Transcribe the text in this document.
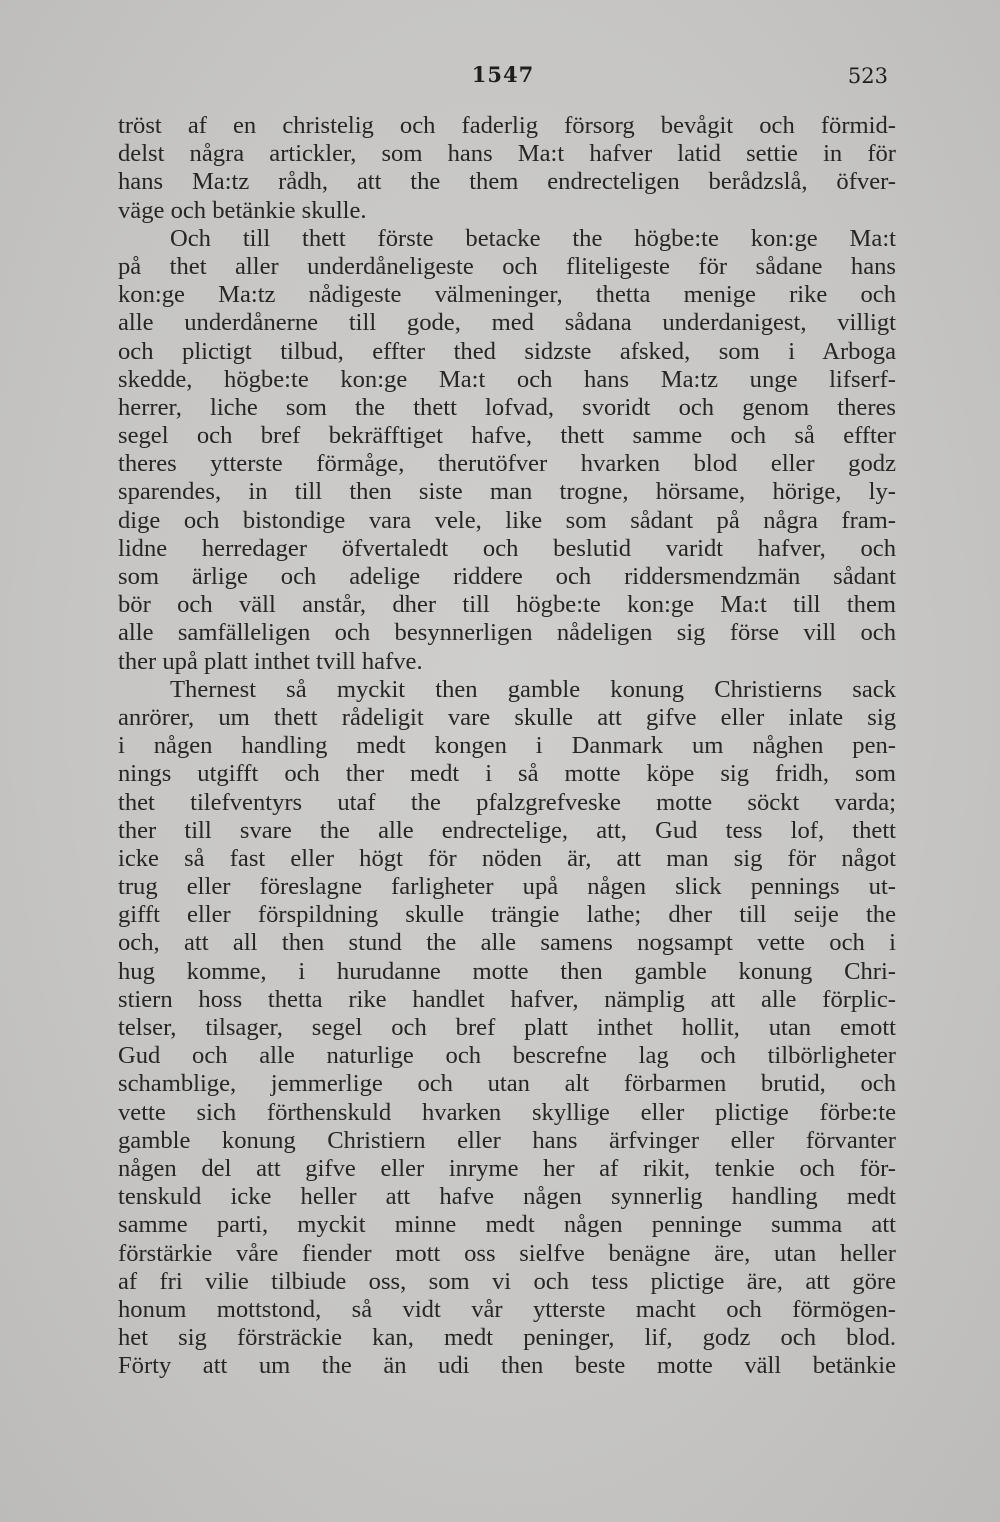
1547	523
tröst af en christelig och faderlig försorg bevågit och förmid-
delst några artickler, som hans Ma:t hafver latid settie in för
hans Ma:tz rådh, att the them endrecteligen berådzslå, öfver-
väge och betänkie skulle.
Och till thett förste betacke the högbe:te kon:ge Ma:t
på thet aller underdåneligeste och fliteligeste för sådane hans
kon:ge Ma:tz nådigeste välmeninger, thetta menige rike och
alle underdånerne till gode, med sådana underdanigest, villigt
och plictigt tilbud, effter thed sidzste afsked, som i Arboga
skedde, högbe:te kon:ge Ma:t och hans Ma:tz unge lifserf-
herrer, liche som the thett lofvad, svoridt och genom theres
segel och bref bekräfftiget hafve, thett samme och så effter
theres ytterste förmåge, therutöfver hvarken blod eller godz
sparendes, in till then siste man trogne, hörsame, hörige, ly-
dige och bistondige vara vele, like som sådant på några fram-
lidne herredager öfvertaledt och beslutid varidt hafver, och
som ärlige och adelige riddere och riddersmendzmän sådant
bör och väll anstår, dher till högbe:te kon:ge Ma:t till them
alle samfälleligen och besynnerligen nådeligen sig förse vill och
ther upå platt inthet tvill hafve.
Thernest så myckit then gamble konung Christierns sack
anrörer, um thett rådeligit vare skulle att gifve eller inlate sig
i någen handling medt kongen i Danmark um någhen pen-
nings utgifft och ther medt i så motte köpe sig fridh, som
thet tilefventyrs utaf the pfalzgrefveske motte söckt varda;
ther till svare the alle endrectelige, att, Gud tess lof, thett
icke så fast eller högt för nöden är, att man sig för något
trug eller föreslagne farligheter upå någen slick pennings ut-
gifft eller förspildning skulle trängie lathe; dher till seije the
och, att all then stund the alle samens nogsampt vette och i
hug komme, i hurudanne motte then gamble konung Chri-
stiern hoss thetta rike handlet hafver, nämplig att alle förplic-
telser, tilsager, segel och bref platt inthet hollit, utan emott
Gud och alle naturlige och bescrefne lag och tilbörligheter
schamblige, jemmerlige och utan alt förbarmen brutid, och
vette sich förthenskuld hvarken skyllige eller plictige förbe:te
gamble konung Christiern eller hans ärfvinger eller förvanter
någen del att gifve eller inryme her af rikit, tenkie och för-
tenskuld icke heller att hafve någen synnerlig handling medt
samme parti, myckit minne medt någen penninge summa att
förstärkie våre fiender mott oss sielfve benägne äre, utan heller
af fri vilie tilbiude oss, som vi och tess plictige äre, att göre
honum mottstond, så vidt vår ytterste macht och förmögen-
het sig försträckie kan, medt peninger, lif, godz och blod.
Förty att um the än udi then beste motte väll betänkie
